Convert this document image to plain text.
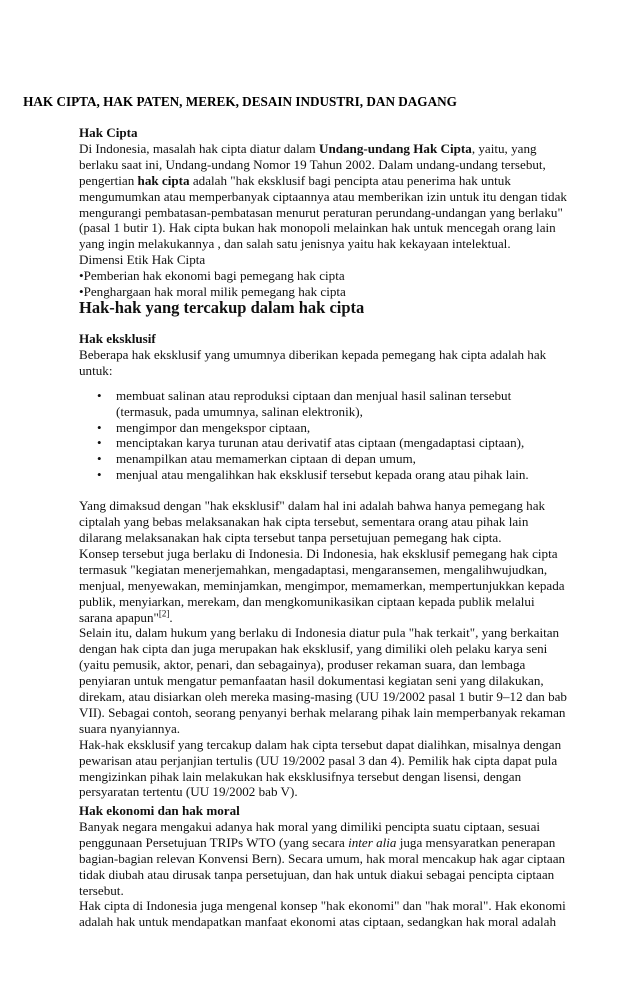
HAK CIPTA, HAK PATEN, MEREK, DESAIN INDUSTRI, DAN DAGANG
Hak Cipta

Di Indonesia, masalah hak cipta diatur dalam Undang-undang Hak Cipta, yaitu, yang berlaku saat ini, Undang-undang Nomor 19 Tahun 2002. Dalam undang-undang tersebut, pengertian hak cipta adalah "hak eksklusif bagi pencipta atau penerima hak untuk mengumumkan atau memperbanyak ciptaannya atau memberikan izin untuk itu dengan tidak mengurangi pembatasan-pembatasan menurut peraturan perundang-undangan yang berlaku" (pasal 1 butir 1). Hak cipta bukan hak monopoli melainkan hak untuk mencegah orang lain yang ingin melakukannya , dan salah satu jenisnya yaitu hak kekayaan intelektual.

Dimensi Etik Hak Cipta
•Pemberian hak ekonomi bagi pemegang hak cipta
•Penghargaan hak moral milik pemegang hak cipta
Hak-hak yang tercakup dalam hak cipta
Hak eksklusif

Beberapa hak eksklusif yang umumnya diberikan kepada pemegang hak cipta adalah hak untuk:

• membuat salinan atau reproduksi ciptaan dan menjual hasil salinan tersebut (termasuk, pada umumnya, salinan elektronik),
• mengimpor dan mengekspor ciptaan,
• menciptakan karya turunan atau derivatif atas ciptaan (mengadaptasi ciptaan),
• menampilkan atau memamerkan ciptaan di depan umum,
• menjual atau mengalihkan hak eksklusif tersebut kepada orang atau pihak lain.

Yang dimaksud dengan "hak eksklusif" dalam hal ini adalah bahwa hanya pemegang hak ciptalah yang bebas melaksanakan hak cipta tersebut, sementara orang atau pihak lain dilarang melaksanakan hak cipta tersebut tanpa persetujuan pemegang hak cipta.

Konsep tersebut juga berlaku di Indonesia. Di Indonesia, hak eksklusif pemegang hak cipta termasuk "kegiatan menerjemahkan, mengadaptasi, mengaransemen, mengalihwujudkan, menjual, menyewakan, meminjamkan, mengimpor, memamerkan, mempertunjukkan kepada publik, menyiarkan, merekam, dan mengkomunikasikan ciptaan kepada publik melalui sarana apapun"[2].

Selain itu, dalam hukum yang berlaku di Indonesia diatur pula "hak terkait", yang berkaitan dengan hak cipta dan juga merupakan hak eksklusif, yang dimiliki oleh pelaku karya seni (yaitu pemusik, aktor, penari, dan sebagainya), produser rekaman suara, dan lembaga penyiaran untuk mengatur pemanfaatan hasil dokumentasi kegiatan seni yang dilakukan, direkam, atau disiarkan oleh mereka masing-masing (UU 19/2002 pasal 1 butir 9–12 dan bab VII). Sebagai contoh, seorang penyanyi berhak melarang pihak lain memperbanyak rekaman suara nyanyiannya.

Hak-hak eksklusif yang tercakup dalam hak cipta tersebut dapat dialihkan, misalnya dengan pewarisan atau perjanjian tertulis (UU 19/2002 pasal 3 dan 4). Pemilik hak cipta dapat pula mengizinkan pihak lain melakukan hak eksklusifnya tersebut dengan lisensi, dengan persyaratan tertentu (UU 19/2002 bab V).

Hak ekonomi dan hak moral

Banyak negara mengakui adanya hak moral yang dimiliki pencipta suatu ciptaan, sesuai penggunaan Persetujuan TRIPs WTO (yang secara inter alia juga mensyaratkan penerapan bagian-bagian relevan Konvensi Bern). Secara umum, hak moral mencakup hak agar ciptaan tidak diubah atau dirusak tanpa persetujuan, dan hak untuk diakui sebagai pencipta ciptaan tersebut.

Hak cipta di Indonesia juga mengenal konsep "hak ekonomi" dan "hak moral". Hak ekonomi adalah hak untuk mendapatkan manfaat ekonomi atas ciptaan, sedangkan hak moral adalah
